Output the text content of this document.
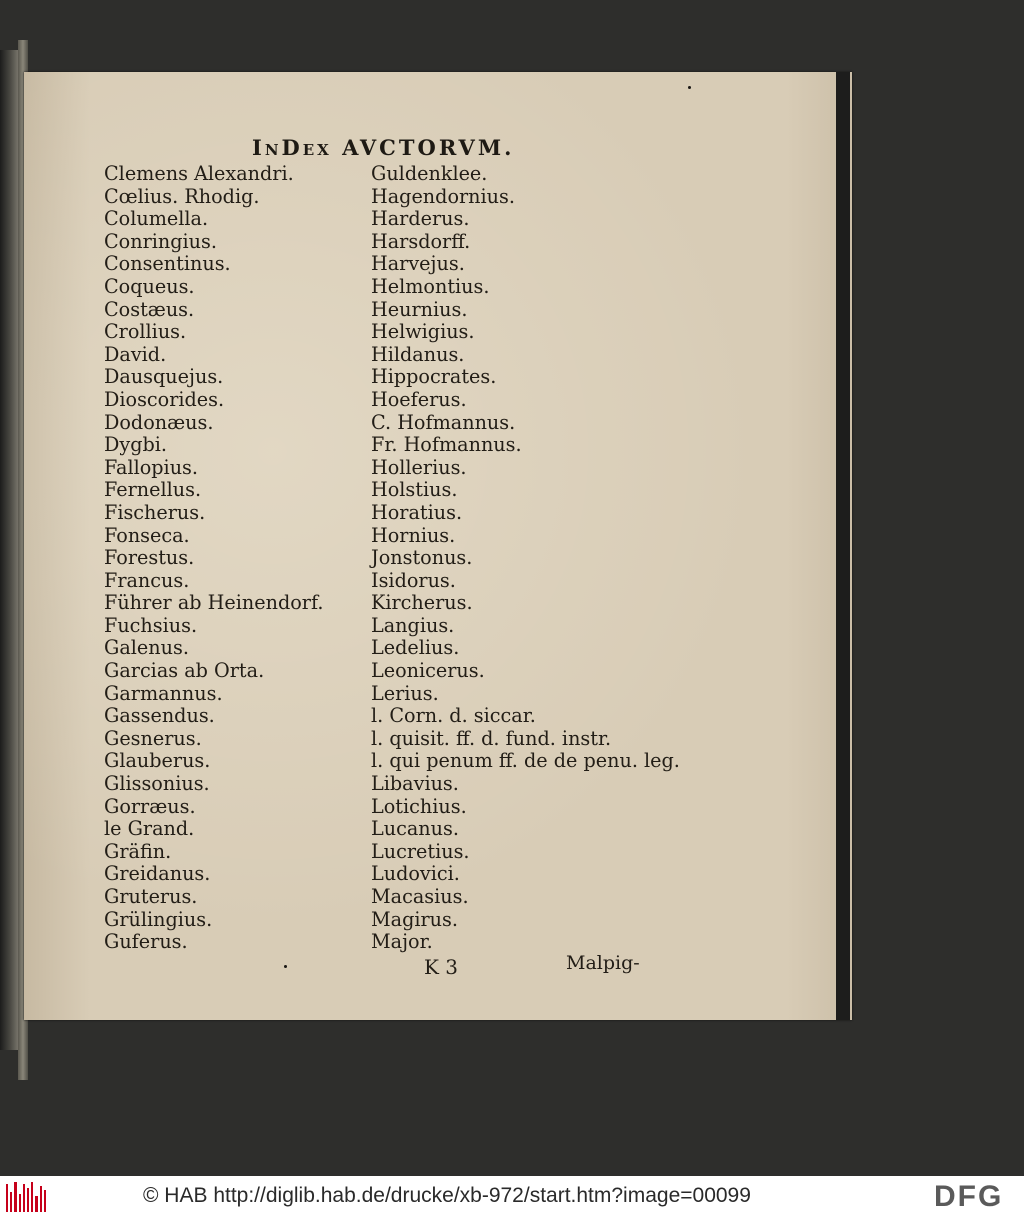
InDex AVCTORVM.
Clemens Alexandri.
Cœlius. Rhodig.
Columella.
Conringius.
Consentinus.
Coqueus.
Costæus.
Crollius.
David.
Dausquejus.
Dioscorides.
Dodonæus.
Dygbi.
Fallopius.
Fernellus.
Fischerus.
Fonseca.
Forestus.
Francus.
Führer ab Heinendorf.
Fuchsius.
Galenus.
Garcias ab Orta.
Garmannus.
Gassendus.
Gesnerus.
Glauberus.
Glissonius.
Gorræus.
le Grand.
Gräfin.
Greidanus.
Gruterus.
Grülingius.
Guferus.
Guldenklee.
Hagendornius.
Harderus.
Harsdorff.
Harvejus.
Helmontius.
Heurnius.
Helwigius.
Hildanus.
Hippocrates.
Hoeferus.
C. Hofmannus.
Fr. Hofmannus.
Hollerius.
Holstius.
Horatius.
Hornius.
Jonstonus.
Isidorus.
Kircherus.
Langius.
Ledelius.
Leonicerus.
Lerius.
l. Corn. d. siccar.
l. quisit. ff. d. fund. instr.
l. qui penum ff. de de penu. leg.
Libavius.
Lotichius.
Lucanus.
Lucretius.
Ludovici.
Macasius.
Magirus.
Major.
K 3	Malpig-
© HAB http://diglib.hab.de/drucke/xb-972/start.htm?image=00099	DFG
